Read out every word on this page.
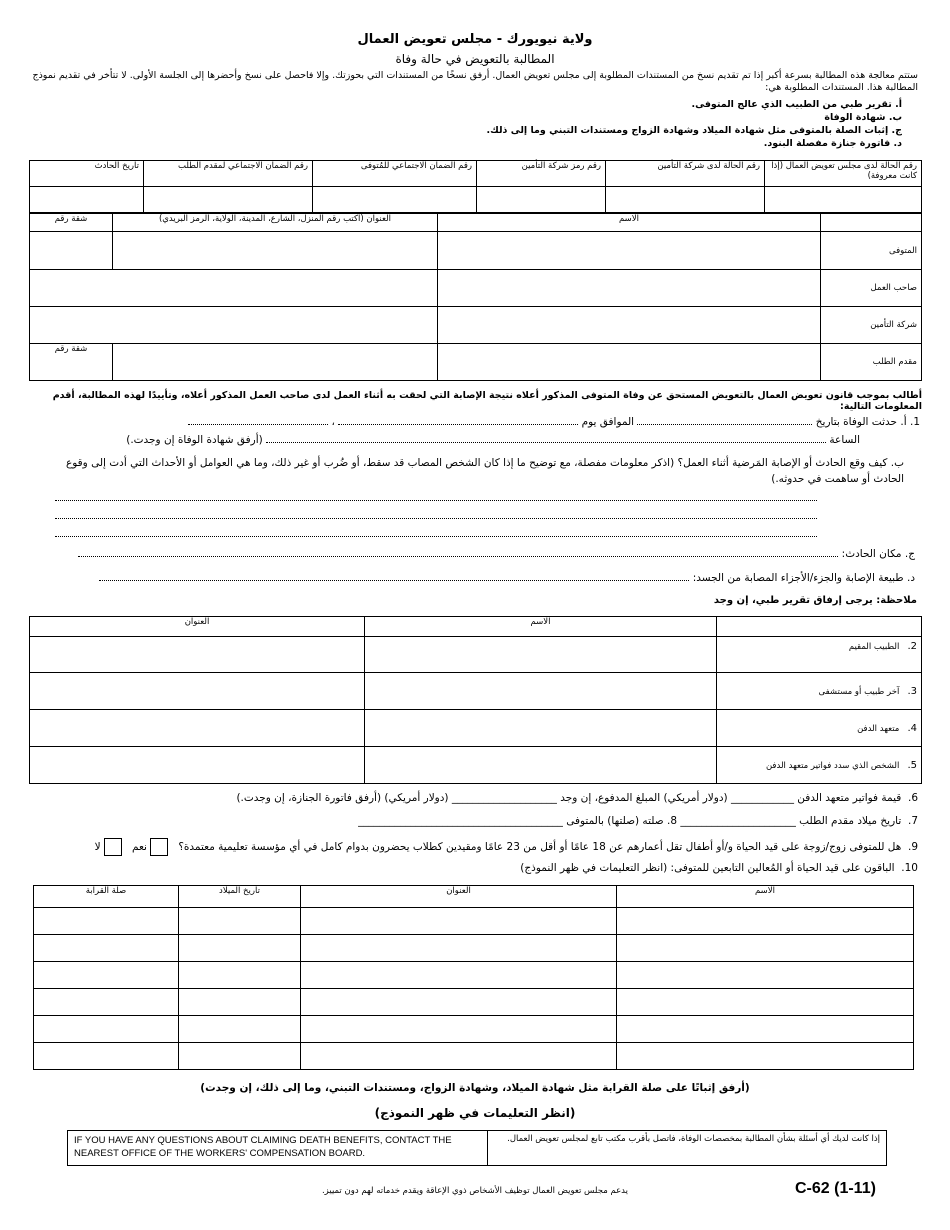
ولاية نيويورك - مجلس تعويض العمال
المطالبة بالتعويض في حالة وفاة
ستتم معالجة هذه المطالبة بسرعة أكبر إذا تم تقديم نسخ من المستندات المطلوبة إلى مجلس تعويض العمال. أرفق نسخًا من المستندات التي بحوزتك. وإلا فاحصل على نسخ وأحضرها إلى الجلسة الأولى. لا تتأخر في تقديم نموذج المطالبة هذا. المستندات المطلوبة هي:
أ. تقرير طبي من الطبيب الذي عالج المتوفى.
ب. شهادة الوفاة
ج. إثبات الصلة بالمتوفى مثل شهادة الميلاد وشهادة الزواج ومستندات التبني وما إلى ذلك.
د. فاتورة جنازة مفصلة البنود.
رقم الحالة لدى مجلس تعويض العمال (إذا كانت معروفة)	رقم الحالة لدى شركة التأمين	رقم رمز شركة التأمين	رقم الضمان الاجتماعي للمُتوفى	رقم الضمان الاجتماعي لمقدم الطلب	تاريخ الحادث

	الاسم	العنوان (اكتب رقم المنزل، الشارع، المدينة، الولاية، الرمز البريدي)	شقة رقم
المتوفى			
صاحب العمل			
شركة التأمين			
مقدم الطلب			شقة رقم
أطالب بموجب قانون تعويض العمال بالتعويض المستحق عن وفاة المتوفى المذكور أعلاه نتيجة الإصابة التي لحقت به أثناء العمل لدى صاحب العمل المذكور أعلاه، وتأييدًا لهذه المطالبة، أقدم المعلومات التالية:
1. أ. حدثت الوفاة بتاريخ  الموافق يوم  ،
الساعة  (أرفق شهادة الوفاة إن وجدت.)
ب. كيف وقع الحادث أو الإصابة المَرضية أثناء العمل؟ (اذكر معلومات مفصلة، مع توضيح ما إذا كان الشخص المصاب قد سقط، أو ضُرب أو غير ذلك، وما هي العوامل أو الأحداث التي أدت إلى وقوع الحادث أو ساهمت في حدوثه.)
ج. مكان الحادث:
د. طبيعة الإصابة والجزء/الأجزاء المصابة من الجسد:
ملاحظة: يرجى إرفاق تقرير طبي، إن وجد
	الاسم	العنوان
2.   الطبيب المقيم		
3.   آخر طبيب أو مستشفى		
4.   متعهد الدفن		
5.   الشخص الذي سدد فواتير متعهد الدفن		
6.  قيمة فواتير متعهد الدفن ____________ (دولار أمريكي) المبلغ المدفوع، إن وجد ____________________ (دولار أمريكي) (أرفق فاتورة الجنازة، إن وجدت.)
7.  تاريخ ميلاد مقدم الطلب ______________________ 8. صلته (صلتها) بالمتوفى _______________________________________
9.  هل للمتوفى زوج/زوجة على قيد الحياة و/أو أطفال تقل أعمارهم عن 18 عامًا أو أقل من 23 عامًا ومقيدين كطلاب يحضرون بدوام كامل في أي مؤسسة تعليمية معتمدة؟    نعم    لا
10.  الباقون على قيد الحياة أو المُعالين التابعين للمتوفى: (انظر التعليمات في ظهر النموذج)
الاسم	العنوان	تاريخ الميلاد	صلة القرابة

(أرفق إثباتًا على صلة القرابة مثل شهادة الميلاد، وشهادة الزواج، ومستندات التبني، وما إلى ذلك، إن وجدت)
(انظر التعليمات في ظهر النموذج)
إذا كانت لديك أي أسئلة بشأن المطالبة بمخصصات الوفاة، فاتصل بأقرب مكتب تابع لمجلس تعويض العمال.
IF YOU HAVE ANY QUESTIONS ABOUT CLAIMING DEATH BENEFITS, CONTACT THE NEAREST OFFICE OF THE WORKERS' COMPENSATION BOARD.
يدعم مجلس تعويض العمال توظيف الأشخاص ذوي الإعاقة ويقدم خدماته لهم دون تمييز.	C-62 (1-11)
